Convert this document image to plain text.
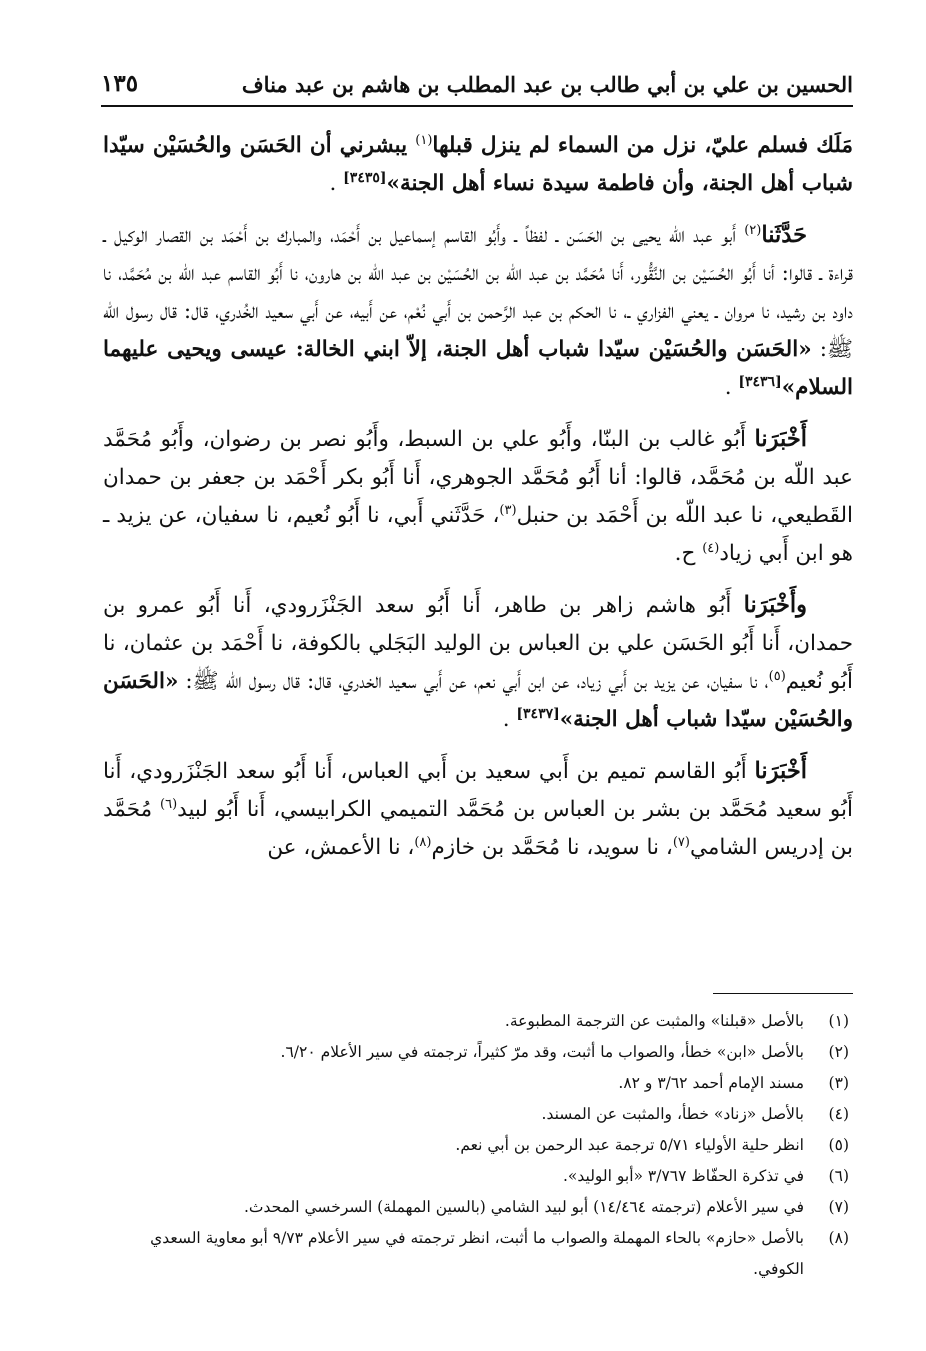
الحسين بن علي بن أبي طالب بن عبد المطلب بن هاشم بن عبد مناف
١٣٥

مَلَك فسلم عليّ، نزل من السماء لم ينزل قبلها$^{(١)}$ يبشرني أن الحَسَن والحُسَيْن سيّدا شباب أهل الجنة، وأن فاطمة سيدة نساء أهل الجنة»[٣٤٣٥] .

حَدَّثَنا$^{(٢)}$ أَبو عبد اللّه يحيى بن الحَسَن ـ لفظاً ـ وأَبُو القاسم إسماعيل بن أَحْمَد، والمبارك بن أَحْمَد بن القصار الوكيل ـ قراءة ـ قالوا: أنا أَبُو الحُسَيْن بن النَّقُّور، أَنا مُحَمَّد بن عبد اللّه بن الحُسَيْن بن عبد اللّه بن هارون، نا أَبُو القاسم عبد اللّه بن مُحَمَّد، نا داود بن رشيد، نا مروان ـ يعني الفزاري ـ، نا الحكم بن عبد الرَّحمن بن أَبي نُعْم، عن أَبيه، عن أَبي سعيد الخُدري، قال: قال رسول اللّه ﷺ: «الحَسَن والحُسَيْن سيّدا شباب أهل الجنة، إلاّ ابني الخالة: عيسى ويحيى عليهما السلام»[٣٤٣٦] .

أَخْبَرَنا أَبُو غالب بن البنّا، وأَبُو علي بن السبط، وأَبُو نصر بن رضوان، وأَبُو مُحَمَّد عبد اللّه بن مُحَمَّد، قالوا: أنا أَبُو مُحَمَّد الجوهري، أَنا أَبُو بكر أَحْمَد بن جعفر بن حمدان القَطيعي، نا عبد اللّه بن أَحْمَد بن حنبل$^{(٣)}$، حَدَّثَني أَبي، نا أَبُو نُعيم، نا سفيان، عن يزيد ـ هو ابن أَبي زياد$^{(٤)}$ ح.

وأَخْبَرَنا أَبُو هاشم زاهر بن طاهر، أَنا أَبُو سعد الجَنْزَرودي، أَنا أَبُو عمرو بن حمدان، أَنا أَبُو الحَسَن علي بن العباس بن الوليد البَجَلي بالكوفة، نا أَحْمَد بن عثمان، نا أَبُو نُعيم$^{(٥)}$، نا سفيان، عن يزيد بن أَبي زياد، عن ابن أَبي نعم، عن أَبي سعيد الخدري، قال: قال رسول اللّه ﷺ: «الحَسَن والحُسَيْن سيّدا شباب أهل الجنة»[٣٤٣٧] .

أَخْبَرَنا أَبُو القاسم تميم بن أَبي سعيد بن أَبي العباس، أَنا أَبُو سعد الجَنْزَرودي، أَنا أَبُو سعيد مُحَمَّد بن بشر بن العباس بن مُحَمَّد التميمي الكرابيسي، أَنا أَبُو لبيد$^{(٦)}$ مُحَمَّد بن إدريس الشامي$^{(٧)}$، نا سويد، نا مُحَمَّد بن خازم$^{(٨)}$، نا الأعمش، عن

(١)
بالأصل «قبلنا» والمثبت عن الترجمة المطبوعة.
(٢)
بالأصل «ابن» خطأ، والصواب ما أثبت، وقد مرّ كثيراً، ترجمته في سير الأعلام ٦/٢٠.
(٣)
مسند الإمام أحمد ٣/٦٢ و ٨٢.
(٤)
بالأصل «زناد» خطأ، والمثبت عن المسند.
(٥)
انظر حلية الأولياء ٥/٧١ ترجمة عبد الرحمن بن أبي نعم.
(٦)
في تذكرة الحفّاظ ٣/٧٦٧ «أبو الوليد».
(٧)
في سير الأعلام (ترجمته ١٤/٤٦٤) أبو لبيد الشامي (بالسين المهملة) السرخسي المحدث.
(٨)
بالأصل «حازم» بالحاء المهملة والصواب ما أثبت، انظر ترجمته في سير الأعلام ٩/٧٣ أبو معاوية السعدي الكوفي.
